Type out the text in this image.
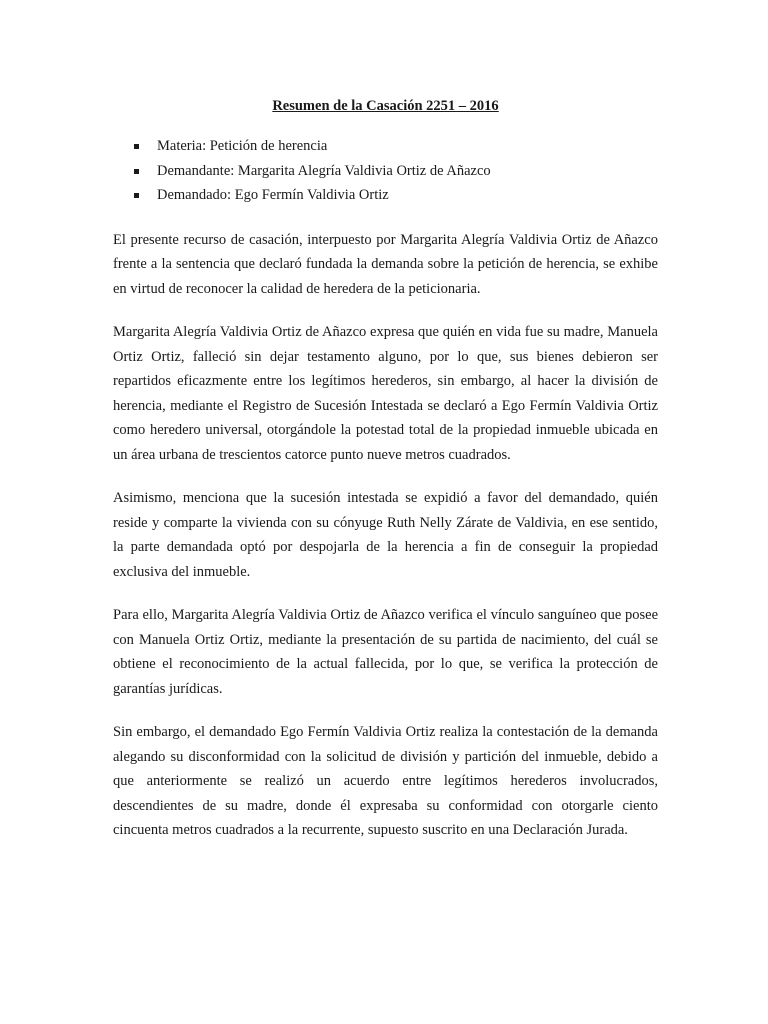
Resumen de la Casación 2251 – 2016
Materia: Petición de herencia
Demandante: Margarita Alegría Valdivia Ortiz de Añazco
Demandado: Ego Fermín Valdivia Ortiz

El presente recurso de casación, interpuesto por Margarita Alegría Valdivia Ortiz de Añazco frente a la sentencia que declaró fundada la demanda sobre la petición de herencia, se exhibe en virtud de reconocer la calidad de heredera de la peticionaria.

Margarita Alegría Valdivia Ortiz de Añazco expresa que quién en vida fue su madre, Manuela Ortiz Ortiz, falleció sin dejar testamento alguno, por lo que, sus bienes debieron ser repartidos eficazmente entre los legítimos herederos, sin embargo, al hacer la división de herencia, mediante el Registro de Sucesión Intestada se declaró a Ego Fermín Valdivia Ortiz como heredero universal, otorgándole la potestad total de la propiedad inmueble ubicada en un área urbana de trescientos catorce punto nueve metros cuadrados.

Asimismo, menciona que la sucesión intestada se expidió a favor del demandado, quién reside y comparte la vivienda con su cónyuge Ruth Nelly Zárate de Valdivia, en ese sentido, la parte demandada optó por despojarla de la herencia a fin de conseguir la propiedad exclusiva del inmueble.

Para ello, Margarita Alegría Valdivia Ortiz de Añazco verifica el vínculo sanguíneo que posee con Manuela Ortiz Ortiz, mediante la presentación de su partida de nacimiento, del cuál se obtiene el reconocimiento de la actual fallecida, por lo que, se verifica la protección de garantías jurídicas.

Sin embargo, el demandado Ego Fermín Valdivia Ortiz realiza la contestación de la demanda alegando su disconformidad con la solicitud de división y partición del inmueble, debido a que anteriormente se realizó un acuerdo entre legítimos herederos involucrados, descendientes de su madre, donde él expresaba su conformidad con otorgarle ciento cincuenta metros cuadrados a la recurrente, supuesto suscrito en una Declaración Jurada.
